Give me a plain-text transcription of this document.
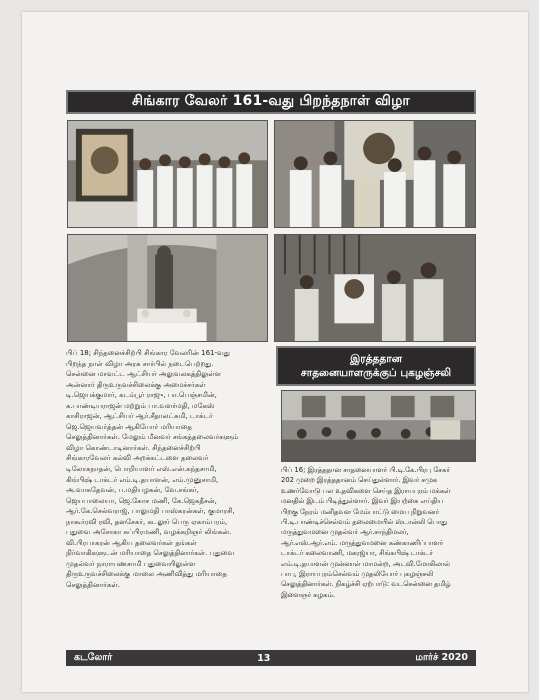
சிங்கார வேலர் 161-வது பிறந்தநாள் விழா
பிப் 18; சிந்தனைச்சிற்பி சிங்கார வேலரின் 161-வது
பிறந்த நாள் விழா அரசு சார்பில் நடைபெற்றது.
சென்னை மாவட்ட ஆட்சியர் அலுவலகத்திலுள்ள
அன்னார் திருஉருவச்சிலைக்கு அமைச்சர்கள்
டி.ஜெயக்குமார், கடம்பூர் ராஜு, பா.பெஞ்சமின்,
க.பாண்டியராஜன் மற்றும் பா.வளர்மதி, மகேஸ்
காசிராஜன், ஆட்சியர் ஆர்.சீதாலட்சுமி, டாக்டர்
ஜெ.ஜெயவர்த்தன் ஆகியோர் மரியாதை
செலுத்தினார்கள். மேலும் மீனவர் சங்கத்தலைவர்களும்
விழா கொண்டாடினார்கள். சிந்தனைச்சிற்பி
சிங்காரவேலர் கல்வி அறக்கட்டளை தலைவர்
டிலோகநாதன், பொறியாளர் எஸ்.என்.கந்தசாமி,
கிங்பிஷ் டாக்டர் எம்.டி.தயாளன், எம்.முனுசாமி,
அ.வாசுதேவன், ப.மதியழகன், வே.சங்கர்,
ஜெயபாலையா, ஜெ.கோச மணி, கே.ஜெகதீசன்,
ஆர்.கே.செல்வராஜ், பாலுமதி பாஸ்கரன்கள், குமாரசி,
நாகூர்ரவி ரவி, தனசேகர், கடலூர் பெரு ஏகாம்பரம்,
புதுவை அசோகா சுப்பிரமணி, வழக்கறிஞர் லிங்கன்.
வி.பிரபாகரன் ஆகிய தலைவர்கள் தங்கள்
நிர்வாகிகளுடன் மரியாதை செலுத்தினார்கள். புதுவை
முதல்வர் நாராயணசாமி புதுவையிலுள்ள
திருஉருவச்சிலைக்கு மாலை அணிவித்து மரியாதை
செலுத்தினார்கள்.
இரத்ததான
சாதனையாளருக்குப் புகழஞ்சலி
பிப் 16; இரத்ததான சாதனையாளர் பி.டி.கே.பிரபு சேகர்
202 முறை இரத்ததானம் செய்துள்ளார். இவர் சமுக
உணர்வோடு பல உதவிகளை செய்த இராயபுரம் மக்கள்
மனதில் இடம் பிடித்துள்ளார். இவர் இயற்கை எய்திய
பிறகு நேரம் மனிதவள மேம்பாட்டு மைய நிறுவனர்
பி.டி.பாண்டிச்செல்வம் தலைமையில் ஸ்டான்லி பொது
மருத்துவமனை முதல்வர் ஆர்.சாந்திமலர்,
ஆர்.எஸ்.ஆர்.எம். மருத்துவமனை கண்காணிப்பாளர்
டாக்டர் கலைவாணி, மகரஜ்யா, சிங்கபிஷ் டாக்டர்
எம்.டி.தயாளன் முன்னாள் மாமன்ற, அடவி.மோகிலால்
பாபு, இராயபுரம்செல்வம் முதலியோர் புகழஞ்சலி
செலுத்தினார்கள். நிகழ்ச்சி ஏற்பாடு: வடசென்னை தமிழ்
இளைஞர் கழகம்.
கடலோர்	13	மார்ச் 2020
